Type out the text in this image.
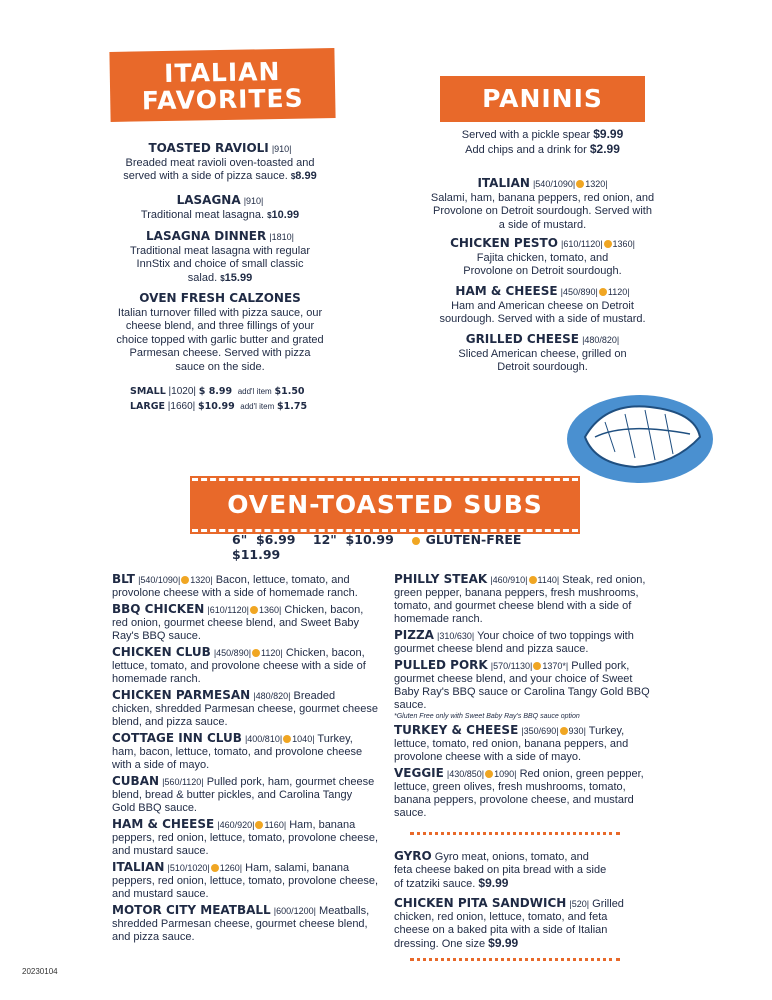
ITALIAN
FAVORITES
TOASTED RAVIOLI |910|
Breaded meat ravioli oven-toasted and served with a side of pizza sauce. $8.99
LASAGNA |910|
Traditional meat lasagna. $10.99
LASAGNA DINNER |1810|
Traditional meat lasagna with regular InnStix and choice of small classic salad. $15.99
OVEN FRESH CALZONES
Italian turnover filled with pizza sauce, our cheese blend, and three fillings of your choice topped with garlic butter and grated Parmesan cheese. Served with pizza sauce on the side.
SMALL |1020| $ 8.99 add'l item $1.50
LARGE |1660| $10.99 add'l item $1.75
PANINIS
Served with a pickle spear $9.99
Add chips and a drink for $2.99
ITALIAN |540/1090| 1320|
Salami, ham, banana peppers, red onion, and Provolone on Detroit sourdough. Served with a side of mustard.
CHICKEN PESTO |610/1120| 1360|
Fajita chicken, tomato, and Provolone on Detroit sourdough.
HAM & CHEESE |450/890| 1120|
Ham and American cheese on Detroit sourdough. Served with a side of mustard.
GRILLED CHEESE |480/820|
Sliced American cheese, grilled on Detroit sourdough.
OVEN-TOASTED SUBS
6" $6.99 12" $10.99	GLUTEN-FREE $11.99
BLT |540/1090| 1320| Bacon, lettuce, tomato, and provolone cheese with a side of homemade ranch.
BBQ CHICKEN |610/1120| 1360| Chicken, bacon, red onion, gourmet cheese blend, and Sweet Baby Ray's BBQ sauce.
CHICKEN CLUB |450/890| 1120| Chicken, bacon, lettuce, tomato, and provolone cheese with a side of homemade ranch.
CHICKEN PARMESAN |480/820| Breaded chicken, shredded Parmesan cheese, gourmet cheese blend, and pizza sauce.
COTTAGE INN CLUB |400/810| 1040| Turkey, ham, bacon, lettuce, tomato, and provolone cheese with a side of mayo.
CUBAN |560/1120| Pulled pork, ham, gourmet cheese blend, bread & butter pickles, and Carolina Tangy Gold BBQ sauce.
HAM & CHEESE |460/920| 1160| Ham, banana peppers, red onion, lettuce, tomato, provolone cheese, and mustard sauce.
ITALIAN |510/1020| 1260| Ham, salami, banana peppers, red onion, lettuce, tomato, provolone cheese, and mustard sauce.
MOTOR CITY MEATBALL |600/1200| Meatballs, shredded Parmesan cheese, gourmet cheese blend, and pizza sauce.
PHILLY STEAK |460/910| 1140| Steak, red onion, green pepper, banana peppers, fresh mushrooms, tomato, and gourmet cheese blend with a side of homemade ranch.
PIZZA |310/630| Your choice of two toppings with gourmet cheese blend and pizza sauce.
PULLED PORK |570/1130| 1370*| Pulled pork, gourmet cheese blend, and your choice of Sweet Baby Ray's BBQ sauce or Carolina Tangy Gold BBQ sauce.
*Gluten Free only with Sweet Baby Ray's BBQ sauce option
TURKEY & CHEESE |350/690| 930| Turkey, lettuce, tomato, red onion, banana peppers, and provolone cheese with a side of mayo.
VEGGIE |430/850| 1090| Red onion, green pepper, lettuce, green olives, fresh mushrooms, tomato, banana peppers, provolone cheese, and mustard sauce.
GYRO Gyro meat, onions, tomato, and feta cheese baked on pita bread with a side of tzatziki sauce. $9.99
CHICKEN PITA SANDWICH |520| Grilled chicken, red onion, lettuce, tomato, and feta cheese on a baked pita with a side of Italian dressing. One size $9.99
20230104
